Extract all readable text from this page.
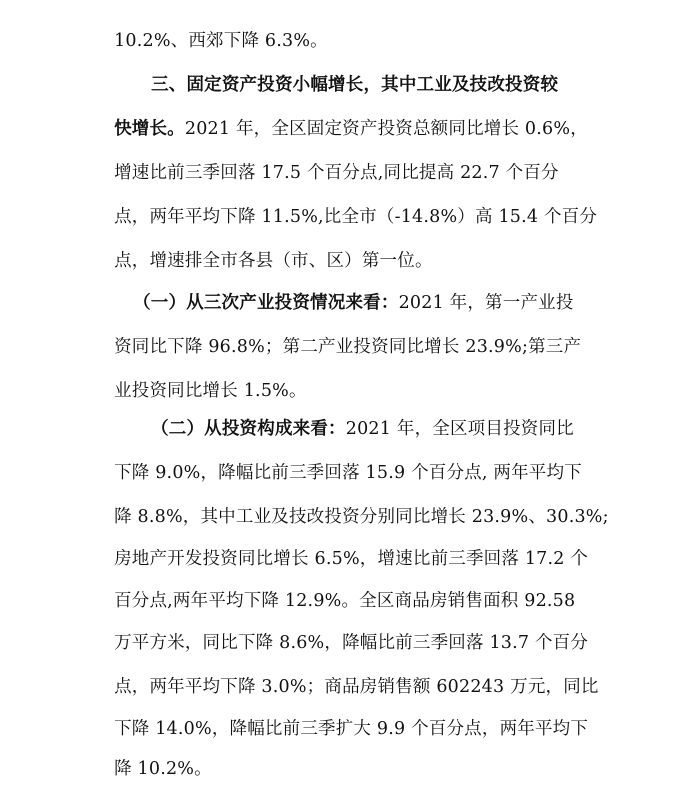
10.2%、西郊下降 6.3%。

三、固定资产投资小幅增长，其中工业及技改投资较

快增长。2021 年，全区固定资产投资总额同比增长 0.6%，

增速比前三季回落 17.5 个百分点,同比提高 22.7 个百分

点，两年平均下降 11.5%,比全市（-14.8%）高 15.4 个百分

点，增速排全市各县（市、区）第一位。

（一）从三次产业投资情况来看：2021 年，第一产业投

资同比下降 96.8%；第二产业投资同比增长 23.9%;第三产

业投资同比增长 1.5%。

（二）从投资构成来看：2021 年，全区项目投资同比

下降 9.0%，降幅比前三季回落 15.9 个百分点, 两年平均下

降 8.8%，其中工业及技改投资分别同比增长 23.9%、30.3%;

房地产开发投资同比增长 6.5%，增速比前三季回落 17.2 个

百分点,两年平均下降 12.9%。全区商品房销售面积 92.58

万平方米，同比下降 8.6%，降幅比前三季回落 13.7 个百分

点，两年平均下降 3.0%；商品房销售额 602243 万元，同比

下降 14.0%，降幅比前三季扩大 9.9 个百分点，两年平均下

降 10.2%。
